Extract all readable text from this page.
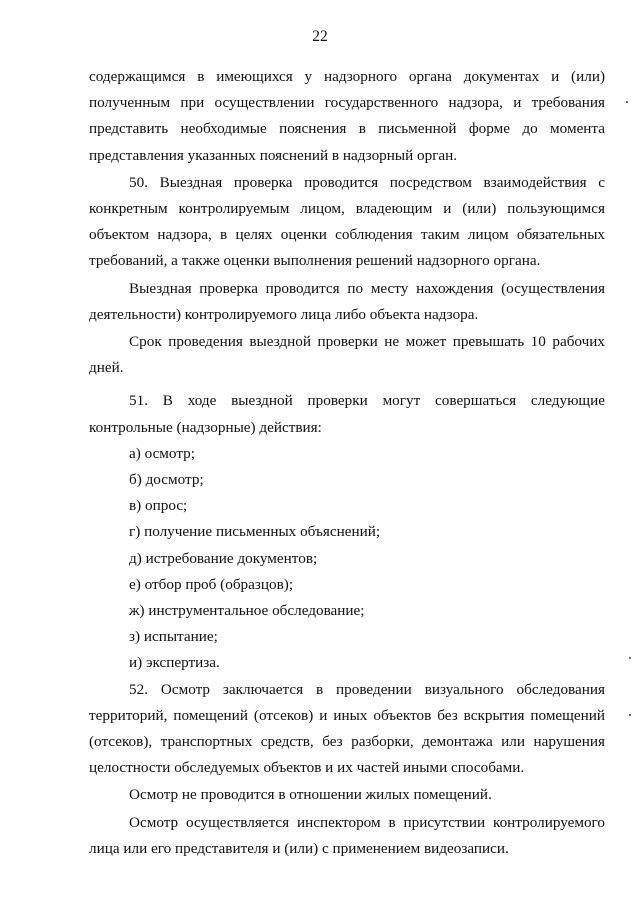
22

содержащимся в имеющихся у надзорного органа документах и (или) полученным при осуществлении государственного надзора, и требования представить необходимые пояснения в письменной форме до момента представления указанных пояснений в надзорный орган.

50. Выездная проверка проводится посредством взаимодействия с конкретным контролируемым лицом, владеющим и (или) пользующимся объектом надзора, в целях оценки соблюдения таким лицом обязательных требований, а также оценки выполнения решений надзорного органа.

Выездная проверка проводится по месту нахождения (осуществления деятельности) контролируемого лица либо объекта надзора.

Срок проведения выездной проверки не может превышать 10 рабочих дней.

51. В ходе выездной проверки могут совершаться следующие контрольные (надзорные) действия:

а) осмотр;

б) досмотр;

в) опрос;

г) получение письменных объяснений;

д) истребование документов;

е) отбор проб (образцов);

ж) инструментальное обследование;

з) испытание;

и) экспертиза.

52. Осмотр заключается в проведении визуального обследования территорий, помещений (отсеков) и иных объектов без вскрытия помещений (отсеков), транспортных средств, без разборки, демонтажа или нарушения целостности обследуемых объектов и их частей иными способами.

Осмотр не проводится в отношении жилых помещений.

Осмотр осуществляется инспектором в присутствии контролируемого лица или его представителя и (или) с применением видеозаписи.
